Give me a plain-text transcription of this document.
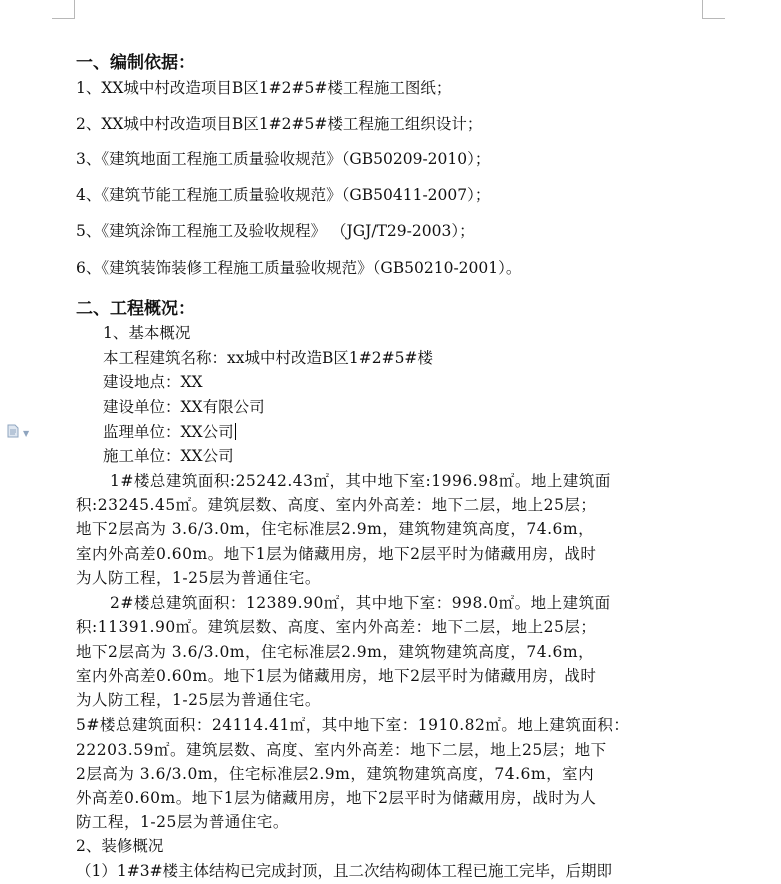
▼
一、编制依据：
1、XX城中村改造项目B区1#2#5#楼工程施工图纸；
2、XX城中村改造项目B区1#2#5#楼工程施工组织设计；
3、《建筑地面工程施工质量验收规范》（GB50209-2010）；
4、《建筑节能工程施工质量验收规范》（GB50411-2007）；
5、《建筑涂饰工程施工及验收规程》 （JGJ/T29-2003）；
6、《建筑装饰装修工程施工质量验收规范》（GB50210-2001）。
二、工程概况：
1、基本概况
本工程建筑名称：xx城中村改造B区1#2#5#楼
建设地点：XX
建设单位：XX有限公司
监理单位：XX公司
施工单位：XX公司
1#楼总建筑面积:25242.43㎡，其中地下室:1996.98㎡。地上建筑面
积:23245.45㎡。建筑层数、高度、室内外高差：地下二层，地上25层；
地下2层高为 3.6/3.0m，住宅标准层2.9m，建筑物建筑高度，74.6m，
室内外高差0.60m。地下1层为储藏用房，地下2层平时为储藏用房，战时
为人防工程，1-25层为普通住宅。
2#楼总建筑面积：12389.90㎡，其中地下室：998.0㎡。地上建筑面
积:11391.90㎡。建筑层数、高度、室内外高差：地下二层，地上25层；
地下2层高为 3.6/3.0m，住宅标准层2.9m，建筑物建筑高度，74.6m，
室内外高差0.60m。地下1层为储藏用房，地下2层平时为储藏用房，战时
为人防工程，1-25层为普通住宅。
5#楼总建筑面积：24114.41㎡，其中地下室：1910.82㎡。地上建筑面积：
22203.59㎡。建筑层数、高度、室内外高差：地下二层，地上25层；地下
2层高为 3.6/3.0m，住宅标准层2.9m，建筑物建筑高度，74.6m，室内
外高差0.60m。地下1层为储藏用房，地下2层平时为储藏用房，战时为人
防工程，1-25层为普通住宅。
2、装修概况
（1）1#3#楼主体结构已完成封顶，且二次结构砌体工程已施工完毕，后期即
